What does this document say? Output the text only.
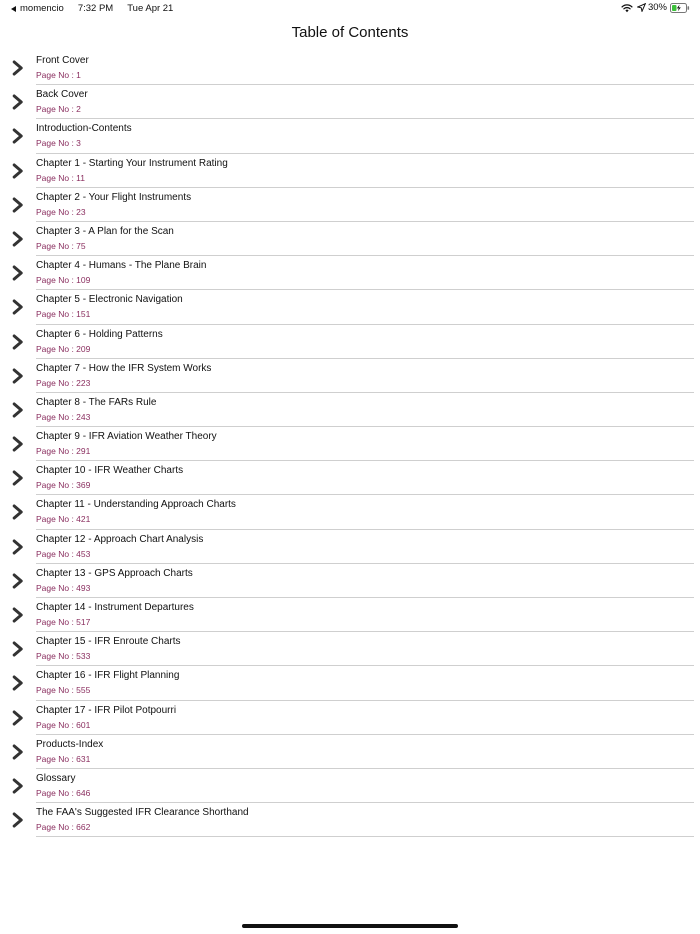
momencio 7:32 PM Tue Apr 21	30%
Table of Contents
Front Cover
Page No : 1
Back Cover
Page No : 2
Introduction-Contents
Page No : 3
Chapter 1 - Starting Your Instrument Rating
Page No : 11
Chapter 2 - Your Flight Instruments
Page No : 23
Chapter 3 - A Plan for the Scan
Page No : 75
Chapter 4 - Humans - The Plane Brain
Page No : 109
Chapter 5 - Electronic Navigation
Page No : 151
Chapter 6 - Holding Patterns
Page No : 209
Chapter 7 - How the IFR System Works
Page No : 223
Chapter 8 - The FARs Rule
Page No : 243
Chapter 9 - IFR Aviation Weather Theory
Page No : 291
Chapter 10 - IFR Weather Charts
Page No : 369
Chapter 11 - Understanding Approach Charts
Page No : 421
Chapter 12 - Approach Chart Analysis
Page No : 453
Chapter 13 - GPS Approach Charts
Page No : 493
Chapter 14 - Instrument Departures
Page No : 517
Chapter 15 - IFR Enroute Charts
Page No : 533
Chapter 16 - IFR Flight Planning
Page No : 555
Chapter 17 - IFR Pilot Potpourri
Page No : 601
Products-Index
Page No : 631
Glossary
Page No : 646
The FAA's Suggested IFR Clearance Shorthand
Page No : 662
